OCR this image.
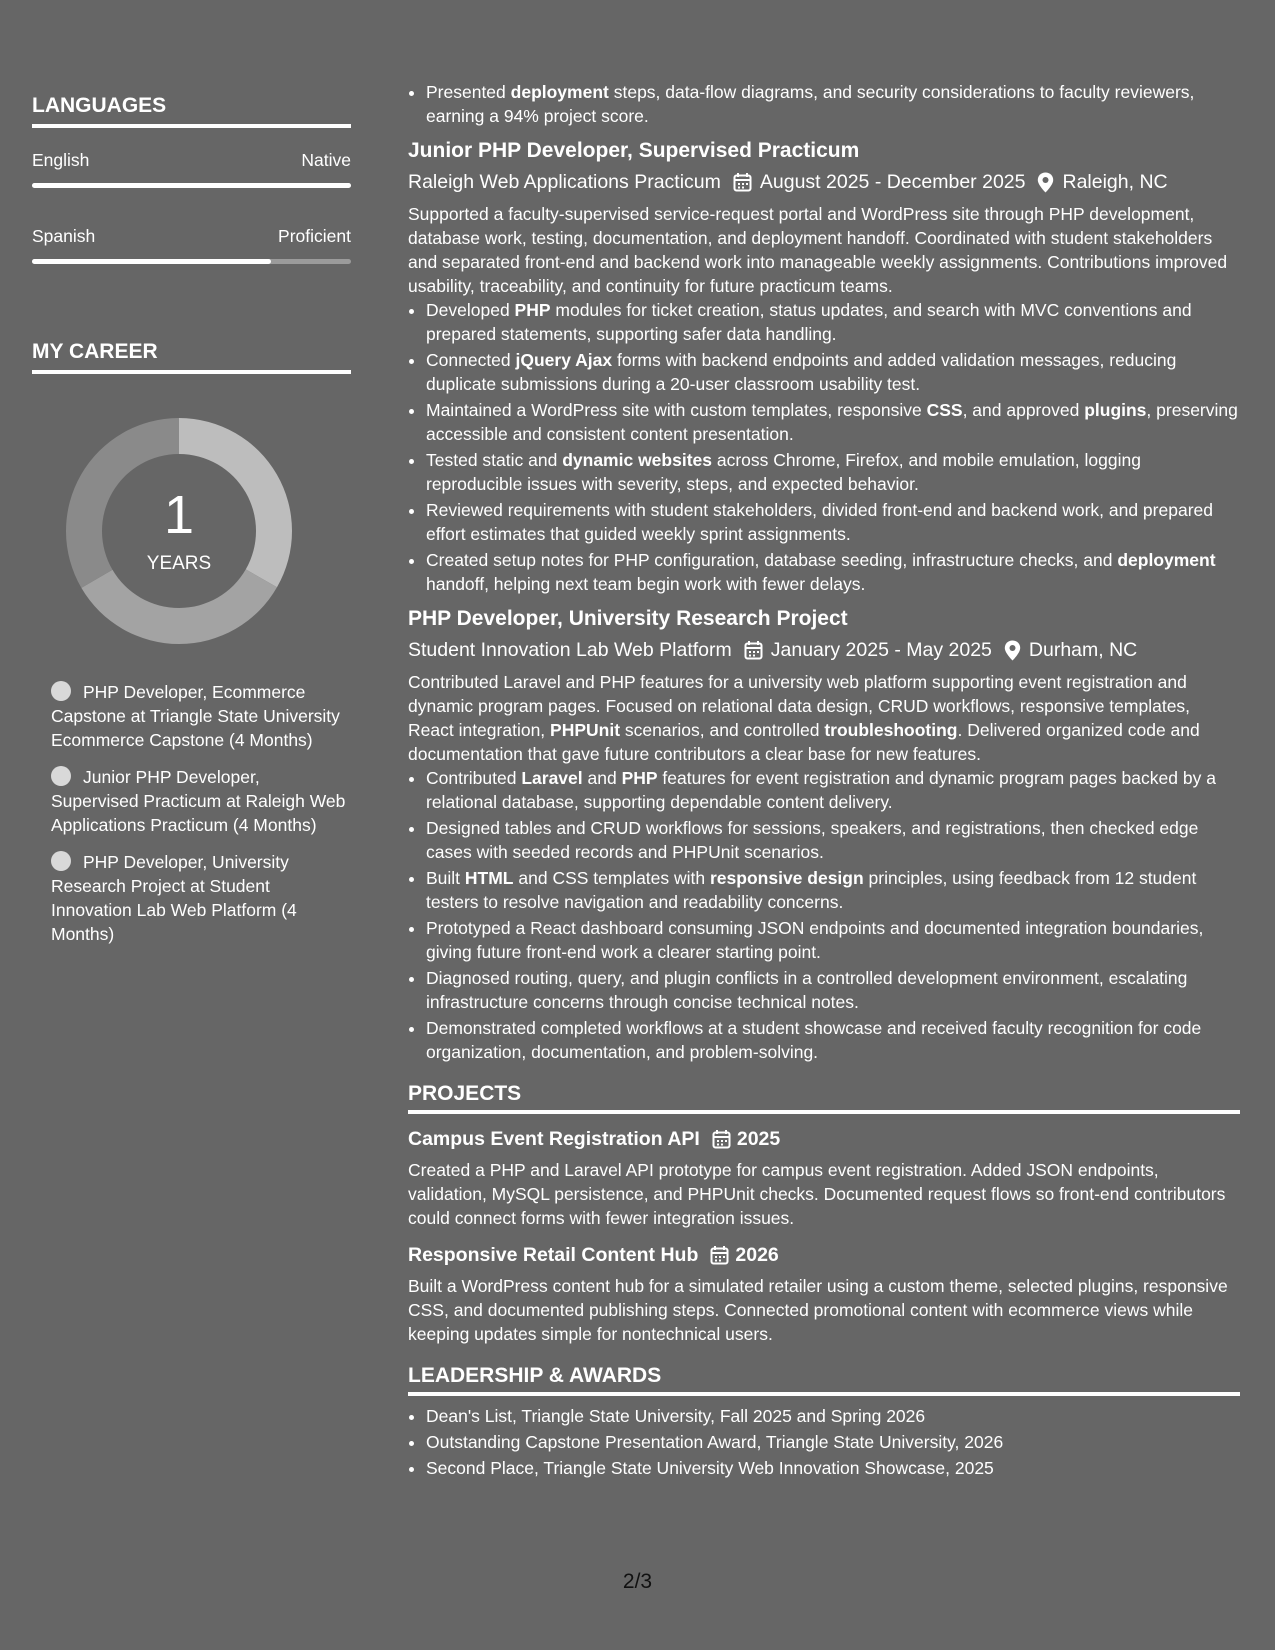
LANGUAGES
English	Native
Spanish	Proficient
MY CAREER
1
YEARS
PHP Developer, Ecommerce Capstone at Triangle State University Ecommerce Capstone (4 Months)
Junior PHP Developer, Supervised Practicum at Raleigh Web Applications Practicum (4 Months)
PHP Developer, University Research Project at Student Innovation Lab Web Platform (4 Months)
• Presented deployment steps, data-flow diagrams, and security considerations to faculty reviewers, earning a 94% project score.
Junior PHP Developer, Supervised Practicum
Raleigh Web Applications Practicum August 2025 - December 2025 Raleigh, NC
Supported a faculty-supervised service-request portal and WordPress site through PHP development, database work, testing, documentation, and deployment handoff. Coordinated with student stakeholders and separated front-end and backend work into manageable weekly assignments. Contributions improved usability, traceability, and continuity for future practicum teams.
• Developed PHP modules for ticket creation, status updates, and search with MVC conventions and prepared statements, supporting safer data handling.
• Connected jQuery Ajax forms with backend endpoints and added validation messages, reducing duplicate submissions during a 20-user classroom usability test.
• Maintained a WordPress site with custom templates, responsive CSS, and approved plugins, preserving accessible and consistent content presentation.
• Tested static and dynamic websites across Chrome, Firefox, and mobile emulation, logging reproducible issues with severity, steps, and expected behavior.
• Reviewed requirements with student stakeholders, divided front-end and backend work, and prepared effort estimates that guided weekly sprint assignments.
• Created setup notes for PHP configuration, database seeding, infrastructure checks, and deployment handoff, helping next team begin work with fewer delays.
PHP Developer, University Research Project
Student Innovation Lab Web Platform January 2025 - May 2025 Durham, NC
Contributed Laravel and PHP features for a university web platform supporting event registration and dynamic program pages. Focused on relational data design, CRUD workflows, responsive templates, React integration, PHPUnit scenarios, and controlled troubleshooting. Delivered organized code and documentation that gave future contributors a clear base for new features.
• Contributed Laravel and PHP features for event registration and dynamic program pages backed by a relational database, supporting dependable content delivery.
• Designed tables and CRUD workflows for sessions, speakers, and registrations, then checked edge cases with seeded records and PHPUnit scenarios.
• Built HTML and CSS templates with responsive design principles, using feedback from 12 student testers to resolve navigation and readability concerns.
• Prototyped a React dashboard consuming JSON endpoints and documented integration boundaries, giving future front-end work a clearer starting point.
• Diagnosed routing, query, and plugin conflicts in a controlled development environment, escalating infrastructure concerns through concise technical notes.
• Demonstrated completed workflows at a student showcase and received faculty recognition for code organization, documentation, and problem-solving.
PROJECTS
Campus Event Registration API 2025
Created a PHP and Laravel API prototype for campus event registration. Added JSON endpoints, validation, MySQL persistence, and PHPUnit checks. Documented request flows so front-end contributors could connect forms with fewer integration issues.
Responsive Retail Content Hub 2026
Built a WordPress content hub for a simulated retailer using a custom theme, selected plugins, responsive CSS, and documented publishing steps. Connected promotional content with ecommerce views while keeping updates simple for nontechnical users.
LEADERSHIP & AWARDS
• Dean's List, Triangle State University, Fall 2025 and Spring 2026
• Outstanding Capstone Presentation Award, Triangle State University, 2026
• Second Place, Triangle State University Web Innovation Showcase, 2025
2/3
